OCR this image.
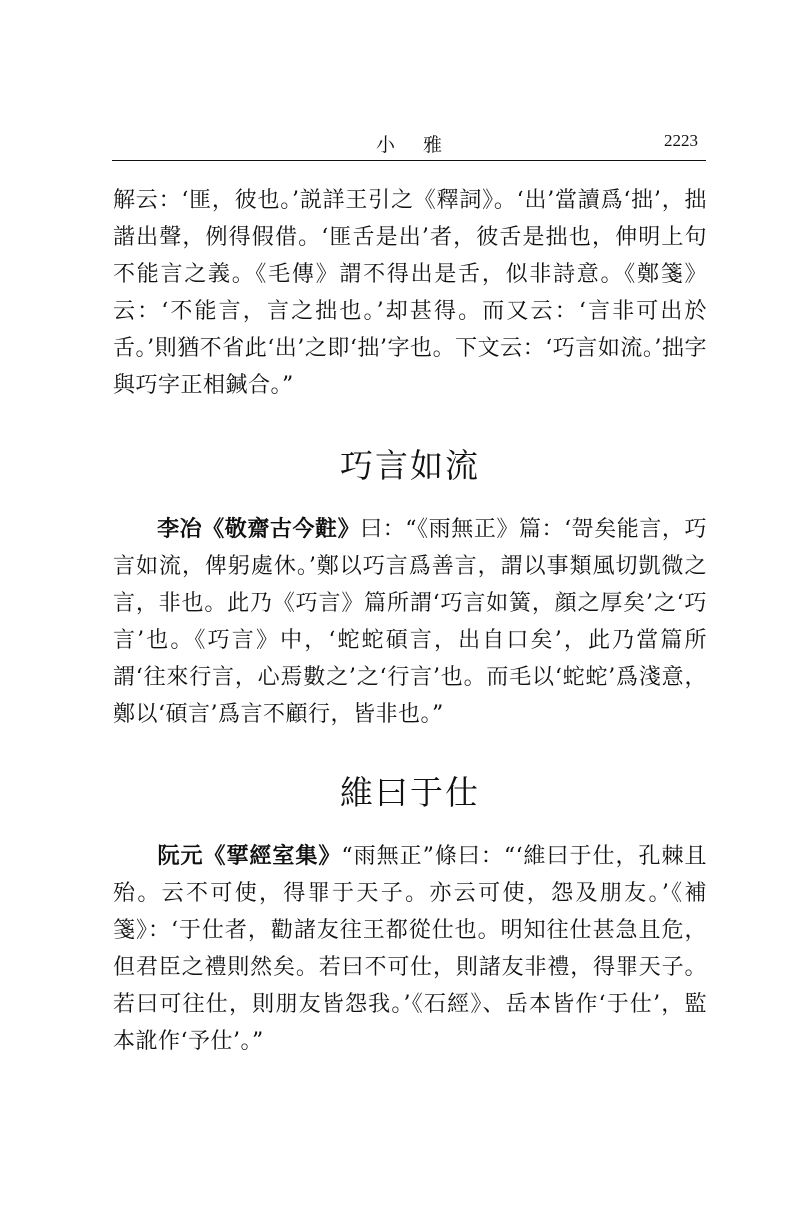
小雅	2223

解云：‘匪，彼也。’説詳王引之《釋詞》。‘出’當讀爲‘拙’，拙諧出聲，例得假借。‘匪舌是出’者，彼舌是拙也，伸明上句不能言之義。《毛傳》謂不得出是舌，似非詩意。《鄭箋》云：‘不能言，言之拙也。’却甚得。而又云：‘言非可出於舌。’則猶不省此‘出’之即‘拙’字也。下文云：‘巧言如流。’拙字與巧字正相鍼合。”

巧言如流

李冶《敬齋古今黈》曰：“《雨無正》篇：‘哿矣能言，巧言如流，俾躬處休。’鄭以巧言爲善言，謂以事類風切凱微之言，非也。此乃《巧言》篇所謂‘巧言如簧，顔之厚矣’之‘巧言’也。《巧言》中，‘蛇蛇碩言，出自口矣’，此乃當篇所謂‘往來行言，心焉數之’之‘行言’也。而毛以‘蛇蛇’爲淺意，鄭以‘碩言’爲言不顧行，皆非也。”

維曰于仕

阮元《揅經室集》“雨無正”條曰：“‘維曰于仕，孔棘且殆。云不可使，得罪于天子。亦云可使，怨及朋友。’《補箋》：‘于仕者，勸諸友往王都從仕也。明知往仕甚急且危，但君臣之禮則然矣。若曰不可仕，則諸友非禮，得罪天子。若曰可往仕，則朋友皆怨我。’《石經》、岳本皆作‘于仕’，監本訛作‘予仕’。”
